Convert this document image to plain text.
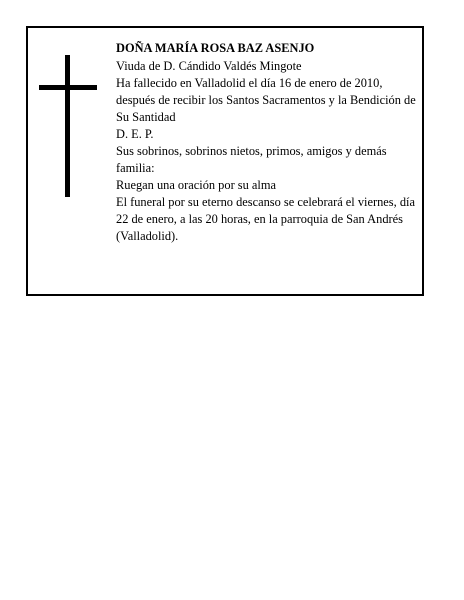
DOÑA MARÍA ROSA BAZ ASENJO

Viuda de D. Cándido Valdés Mingote

Ha fallecido en Valladolid el día 16 de enero de 2010, después de recibir los Santos Sacramentos y la Bendición de Su Santidad

D. E. P.

Sus sobrinos, sobrinos nietos, primos, amigos y demás familia:

Ruegan una oración por su alma

El funeral por su eterno descanso se celebrará el viernes, día 22 de enero, a las 20 horas, en la parroquia de San Andrés (Valladolid).
